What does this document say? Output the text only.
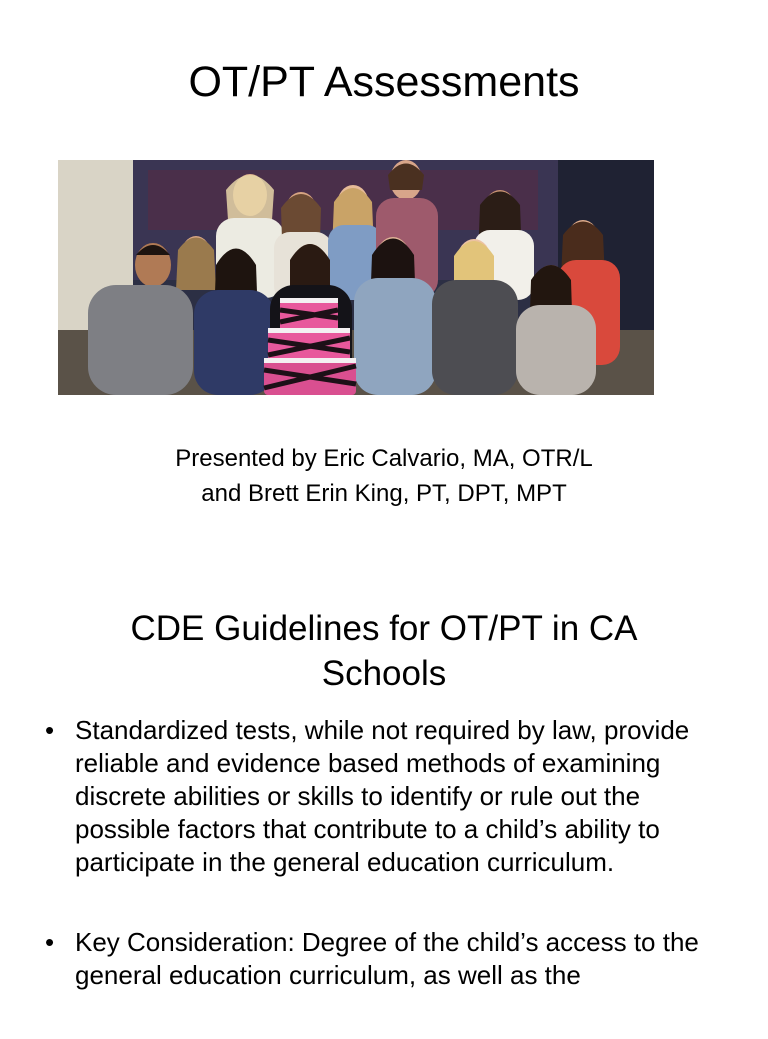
OT/PT Assessments
Presented by Eric Calvario, MA, OTR/L
and Brett Erin King, PT, DPT, MPT
CDE Guidelines for OT/PT in CA
Schools
• Standardized tests, while not required by law, provide reliable and evidence based methods of examining discrete abilities or skills to identify or rule out the possible factors that contribute to a child’s ability to participate in the general education curriculum.
• Key Consideration: Degree of the child’s access to the general education curriculum, as well as the
